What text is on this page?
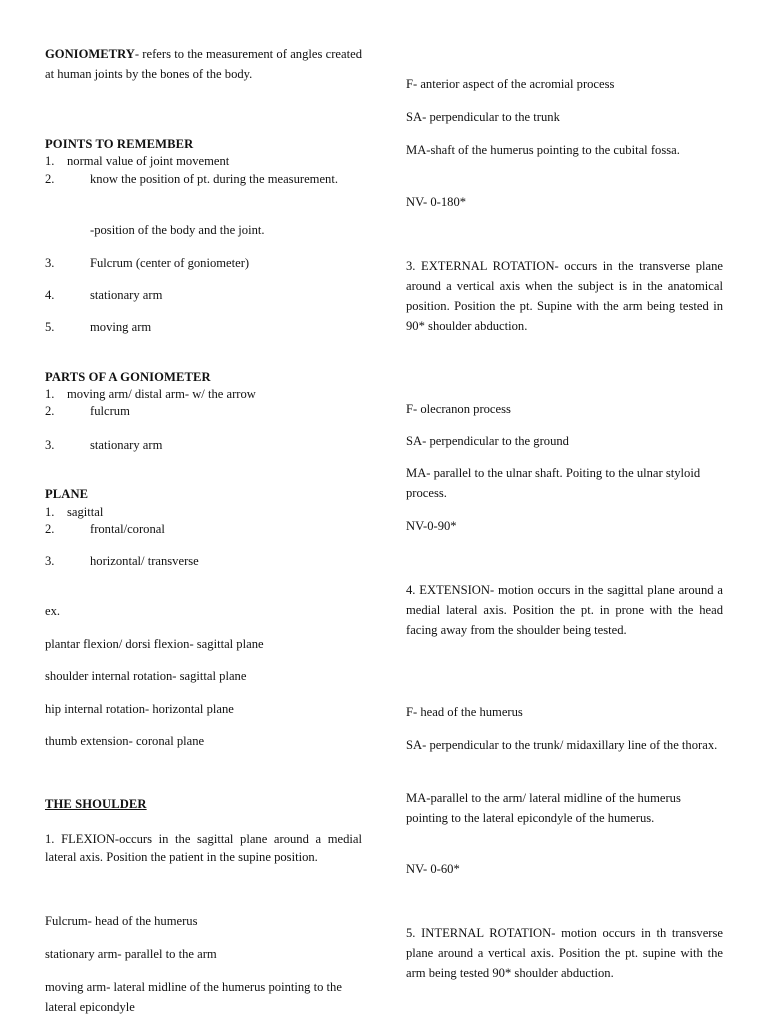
GONIOMETRY- refers to the measurement of angles created at human joints by the bones of the body.

POINTS TO REMEMBER

1. normal value of joint movement

2.	know the position of pt. during the measurement.

-position of the body and the joint.

3.	Fulcrum (center of goniometer)

4.	stationary arm

5.	moving arm

PARTS OF A GONIOMETER

1. moving arm/ distal arm- w/ the arrow

2.	fulcrum

3.	stationary arm

PLANE

1. sagittal

2.	frontal/coronal

3.	horizontal/ transverse

ex.

plantar flexion/ dorsi flexion- sagittal plane

shoulder internal rotation- sagittal plane

hip internal rotation- horizontal plane

thumb extension- coronal plane

THE SHOULDER

1. FLEXION-occurs in the sagittal plane around a medial lateral axis. Position the patient in the supine position.

Fulcrum- head of the humerus

stationary arm- parallel to the arm

moving arm- lateral midline of the humerus pointing to the lateral epicondyle

F- anterior aspect of the acromial process

SA- perpendicular to the trunk

MA-shaft of the humerus pointing to the cubital fossa.

NV- 0-180*

3. EXTERNAL ROTATION- occurs in the transverse plane around a vertical axis when the subject is in the anatomical position. Position the pt. Supine with the arm being tested in 90* shoulder abduction.

F- olecranon process

SA- perpendicular to the ground

MA- parallel to the ulnar shaft. Poiting to the ulnar styloid process.

NV-0-90*

4. EXTENSION- motion occurs in the sagittal plane around a medial lateral axis. Position the pt. in prone with the head facing away from the shoulder being tested.

F- head of the humerus

SA- perpendicular to the trunk/ midaxillary line of the thorax.

MA-parallel to the arm/ lateral midline of the humerus pointing to the lateral epicondyle of the humerus.

NV- 0-60*

5. INTERNAL ROTATION- motion occurs in th transverse plane around a vertical axis. Position the pt. supine with the arm being tested 90* shoulder abduction.
